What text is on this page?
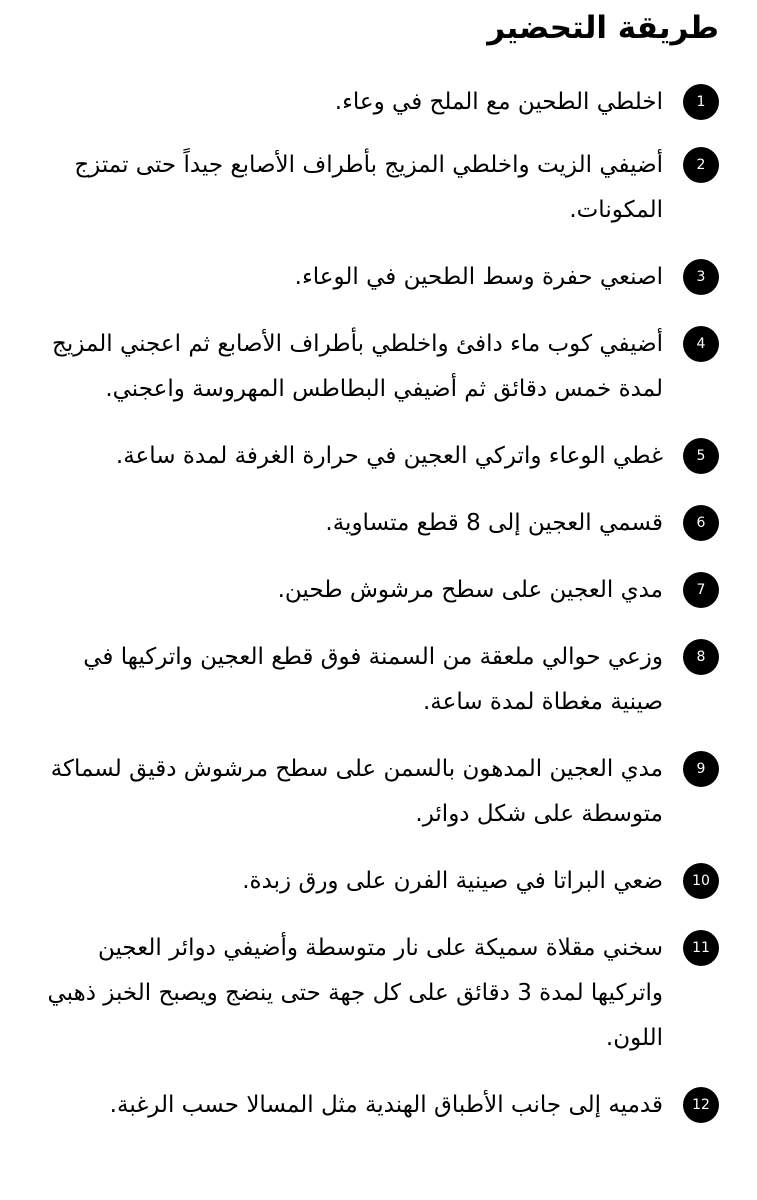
طريقة التحضير
1
اخلطي الطحين مع الملح في وعاء.
2
أضيفي الزيت واخلطي المزيج بأطراف الأصابع جيداً حتى تمتزج المكونات.
3
اصنعي حفرة وسط الطحين في الوعاء.
4
أضيفي كوب ماء دافئ واخلطي بأطراف الأصابع ثم اعجني المزيج لمدة خمس دقائق ثم أضيفي البطاطس المهروسة واعجني.
5
غطي الوعاء واتركي العجين في حرارة الغرفة لمدة ساعة.
6
قسمي العجين إلى 8 قطع متساوية.
7
مدي العجين على سطح مرشوش طحين.
8
وزعي حوالي ملعقة من السمنة فوق قطع العجين واتركيها في صينية مغطاة لمدة ساعة.
9
مدي العجين المدهون بالسمن على سطح مرشوش دقيق لسماكة متوسطة على شكل دوائر.
10
ضعي البراتا في صينية الفرن على ورق زبدة.
11
سخني مقلاة سميكة على نار متوسطة وأضيفي دوائر العجين واتركيها لمدة 3 دقائق على كل جهة حتى ينضج ويصبح الخبز ذهبي اللون.
12
قدميه إلى جانب الأطباق الهندية مثل المسالا حسب الرغبة.
